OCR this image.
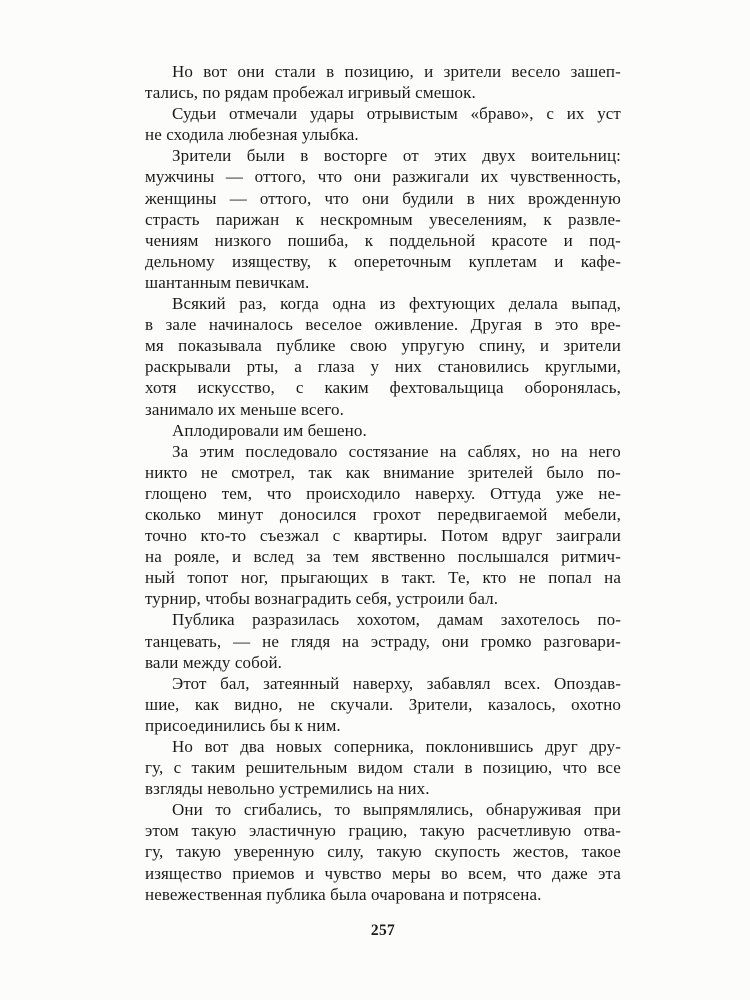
Но вот они стали в позицию, и зрители весело зашеп-
тались, по рядам пробежал игривый смешок.
Судьи отмечали удары отрывистым «браво», с их уст
не сходила любезная улыбка.
Зрители были в восторге от этих двух воительниц:
мужчины — оттого, что они разжигали их чувственность,
женщины — оттого, что они будили в них врожденную
страсть парижан к нескромным увеселениям, к развле-
чениям низкого пошиба, к поддельной красоте и под-
дельному изяществу, к опереточным куплетам и кафе-
шантанным певичкам.
Всякий раз, когда одна из фехтующих делала выпад,
в зале начиналось веселое оживление. Другая в это вре-
мя показывала публике свою упругую спину, и зрители
раскрывали рты, а глаза у них становились круглыми,
хотя искусство, с каким фехтовальщица оборонялась,
занимало их меньше всего.
Аплодировали им бешено.
За этим последовало состязание на саблях, но на него
никто не смотрел, так как внимание зрителей было по-
глощено тем, что происходило наверху. Оттуда уже не-
сколько минут доносился грохот передвигаемой мебели,
точно кто-то съезжал с квартиры. Потом вдруг заиграли
на рояле, и вслед за тем явственно послышался ритмич-
ный топот ног, прыгающих в такт. Те, кто не попал на
турнир, чтобы вознаградить себя, устроили бал.
Публика разразилась хохотом, дамам захотелось по-
танцевать, — не глядя на эстраду, они громко разговари-
вали между собой.
Этот бал, затеянный наверху, забавлял всех. Опоздав-
шие, как видно, не скучали. Зрители, казалось, охотно
присоединились бы к ним.
Но вот два новых соперника, поклонившись друг дру-
гу, с таким решительным видом стали в позицию, что все
взгляды невольно устремились на них.
Они то сгибались, то выпрямлялись, обнаруживая при
этом такую эластичную грацию, такую расчетливую отва-
гу, такую уверенную силу, такую скупость жестов, такое
изящество приемов и чувство меры во всем, что даже эта
невежественная публика была очарована и потрясена.
257
